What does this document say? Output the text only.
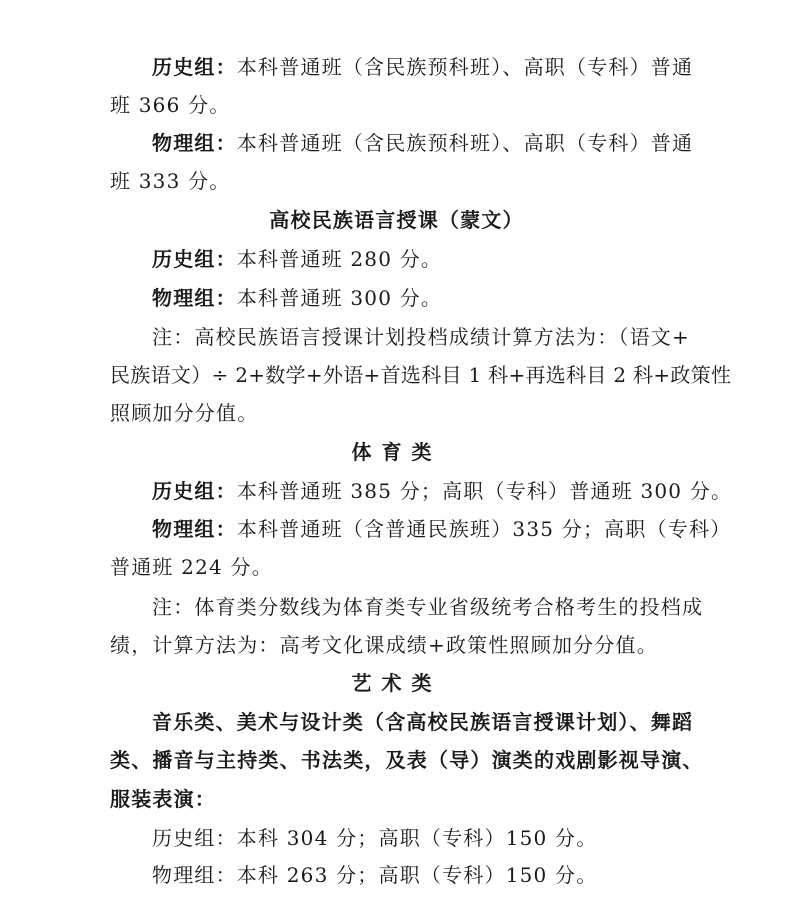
历史组：本科普通班（含民族预科班）、高职（专科）普通
班 366 分。
物理组：本科普通班（含民族预科班）、高职（专科）普通
班 333 分。
高校民族语言授课（蒙文）
历史组：本科普通班 280 分。
物理组：本科普通班 300 分。
注：高校民族语言授课计划投档成绩计算方法为：（语文+
民族语文）÷ 2+数学+外语+首选科目 1 科+再选科目 2 科+政策性
照顾加分分值。
体育类
历史组：本科普通班 385 分；高职（专科）普通班 300 分。
物理组：本科普通班（含普通民族班）335 分；高职（专科）
普通班 224 分。
注：体育类分数线为体育类专业省级统考合格考生的投档成
绩，计算方法为：高考文化课成绩+政策性照顾加分分值。
艺术类
音乐类、美术与设计类（含高校民族语言授课计划）、舞蹈
类、播音与主持类、书法类，及表（导）演类的戏剧影视导演、
服装表演：
历史组：本科 304 分；高职（专科）150 分。
物理组：本科 263 分；高职（专科）150 分。
